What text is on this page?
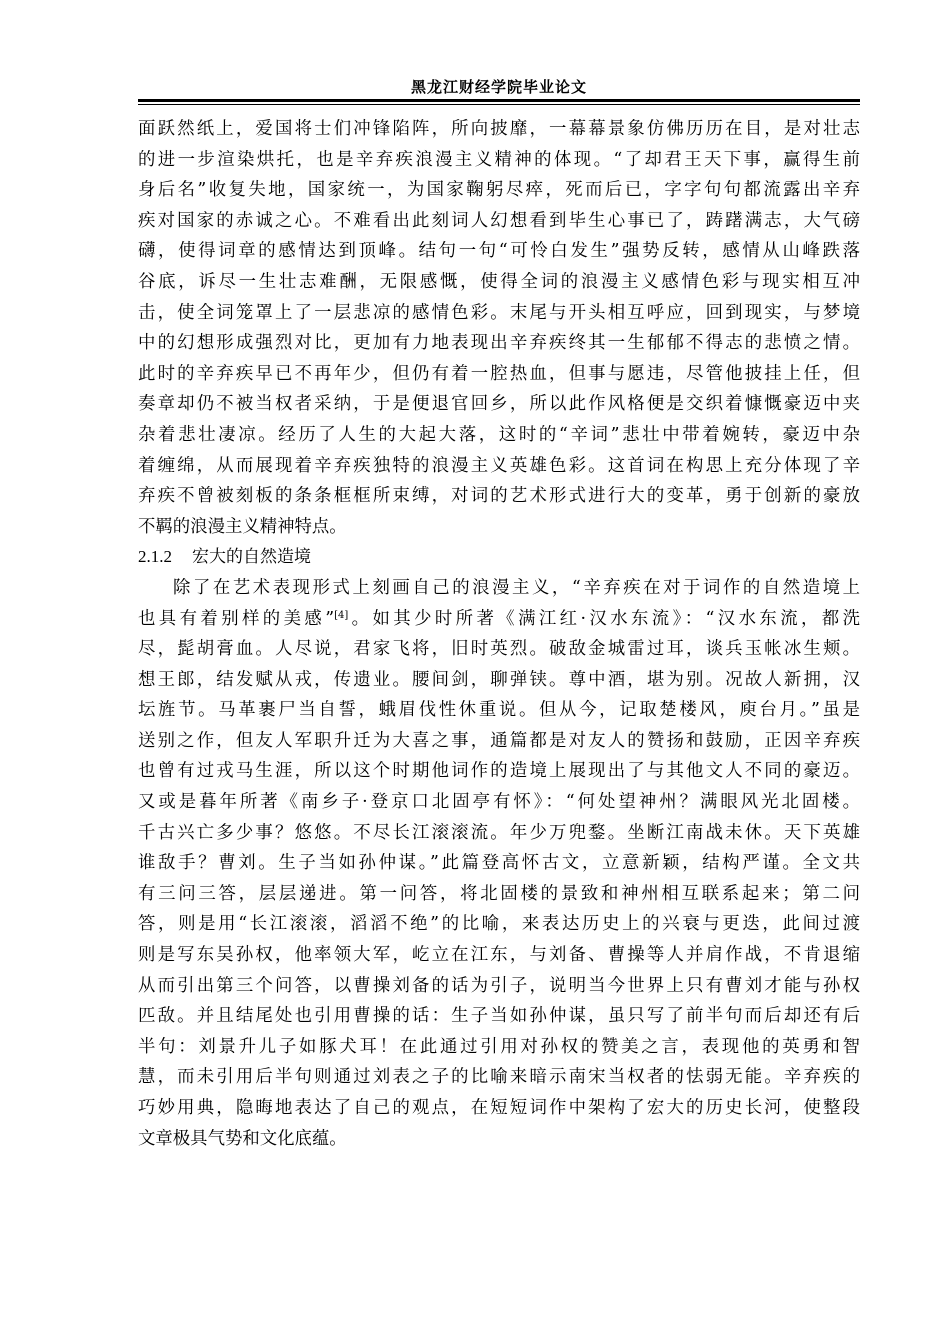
黑龙江财经学院毕业论文
面跃然纸上，爱国将士们冲锋陷阵，所向披靡，一幕幕景象仿佛历历在目，是对壮志
的进一步渲染烘托，也是辛弃疾浪漫主义精神的体现。“了却君王天下事，赢得生前
身后名”收复失地，国家统一，为国家鞠躬尽瘁，死而后已，字字句句都流露出辛弃
疾对国家的赤诚之心。不难看出此刻词人幻想看到毕生心事已了，踌躇满志，大气磅
礴，使得词章的感情达到顶峰。结句一句“可怜白发生”强势反转，感情从山峰跌落
谷底，诉尽一生壮志难酬，无限感慨，使得全词的浪漫主义感情色彩与现实相互冲
击，使全词笼罩上了一层悲凉的感情色彩。末尾与开头相互呼应，回到现实，与梦境
中的幻想形成强烈对比，更加有力地表现出辛弃疾终其一生郁郁不得志的悲愤之情。
此时的辛弃疾早已不再年少，但仍有着一腔热血，但事与愿违，尽管他披挂上任，但
奏章却仍不被当权者采纳，于是便退官回乡，所以此作风格便是交织着慷慨豪迈中夹
杂着悲壮凄凉。经历了人生的大起大落，这时的“辛词”悲壮中带着婉转，豪迈中杂
着缠绵，从而展现着辛弃疾独特的浪漫主义英雄色彩。这首词在构思上充分体现了辛
弃疾不曾被刻板的条条框框所束缚，对词的艺术形式进行大的变革，勇于创新的豪放
不羁的浪漫主义精神特点。
2.1.2 宏大的自然造境
除了在艺术表现形式上刻画自己的浪漫主义，“辛弃疾在对于词作的自然造境上
也具有着别样的美感”[4]。如其少时所著《满江红·汉水东流》：“汉水东流，都洗
尽，髭胡膏血。人尽说，君家飞将，旧时英烈。破敌金城雷过耳，谈兵玉帐冰生颊。
想王郎，结发赋从戎，传遗业。腰间剑，聊弹铗。尊中酒，堪为别。况故人新拥，汉
坛旌节。马革裹尸当自誓，蛾眉伐性休重说。但从今，记取楚楼风，庾台月。”虽是
送别之作，但友人军职升迁为大喜之事，通篇都是对友人的赞扬和鼓励，正因辛弃疾
也曾有过戎马生涯，所以这个时期他词作的造境上展现出了与其他文人不同的豪迈。
又或是暮年所著《南乡子·登京口北固亭有怀》：“何处望神州？满眼风光北固楼。
千古兴亡多少事？悠悠。不尽长江滚滚流。年少万兜鍪。坐断江南战未休。天下英雄
谁敌手？曹刘。生子当如孙仲谋。”此篇登高怀古文，立意新颖，结构严谨。全文共
有三问三答，层层递进。第一问答，将北固楼的景致和神州相互联系起来；第二问
答，则是用“长江滚滚，滔滔不绝”的比喻，来表达历史上的兴衰与更迭，此间过渡
则是写东吴孙权，他率领大军，屹立在江东，与刘备、曹操等人并肩作战，不肯退缩
从而引出第三个问答，以曹操刘备的话为引子，说明当今世界上只有曹刘才能与孙权
匹敌。并且结尾处也引用曹操的话：生子当如孙仲谋，虽只写了前半句而后却还有后
半句：刘景升儿子如豚犬耳！在此通过引用对孙权的赞美之言，表现他的英勇和智
慧，而未引用后半句则通过刘表之子的比喻来暗示南宋当权者的怯弱无能。辛弃疾的
巧妙用典，隐晦地表达了自己的观点，在短短词作中架构了宏大的历史长河，使整段
文章极具气势和文化底蕴。
